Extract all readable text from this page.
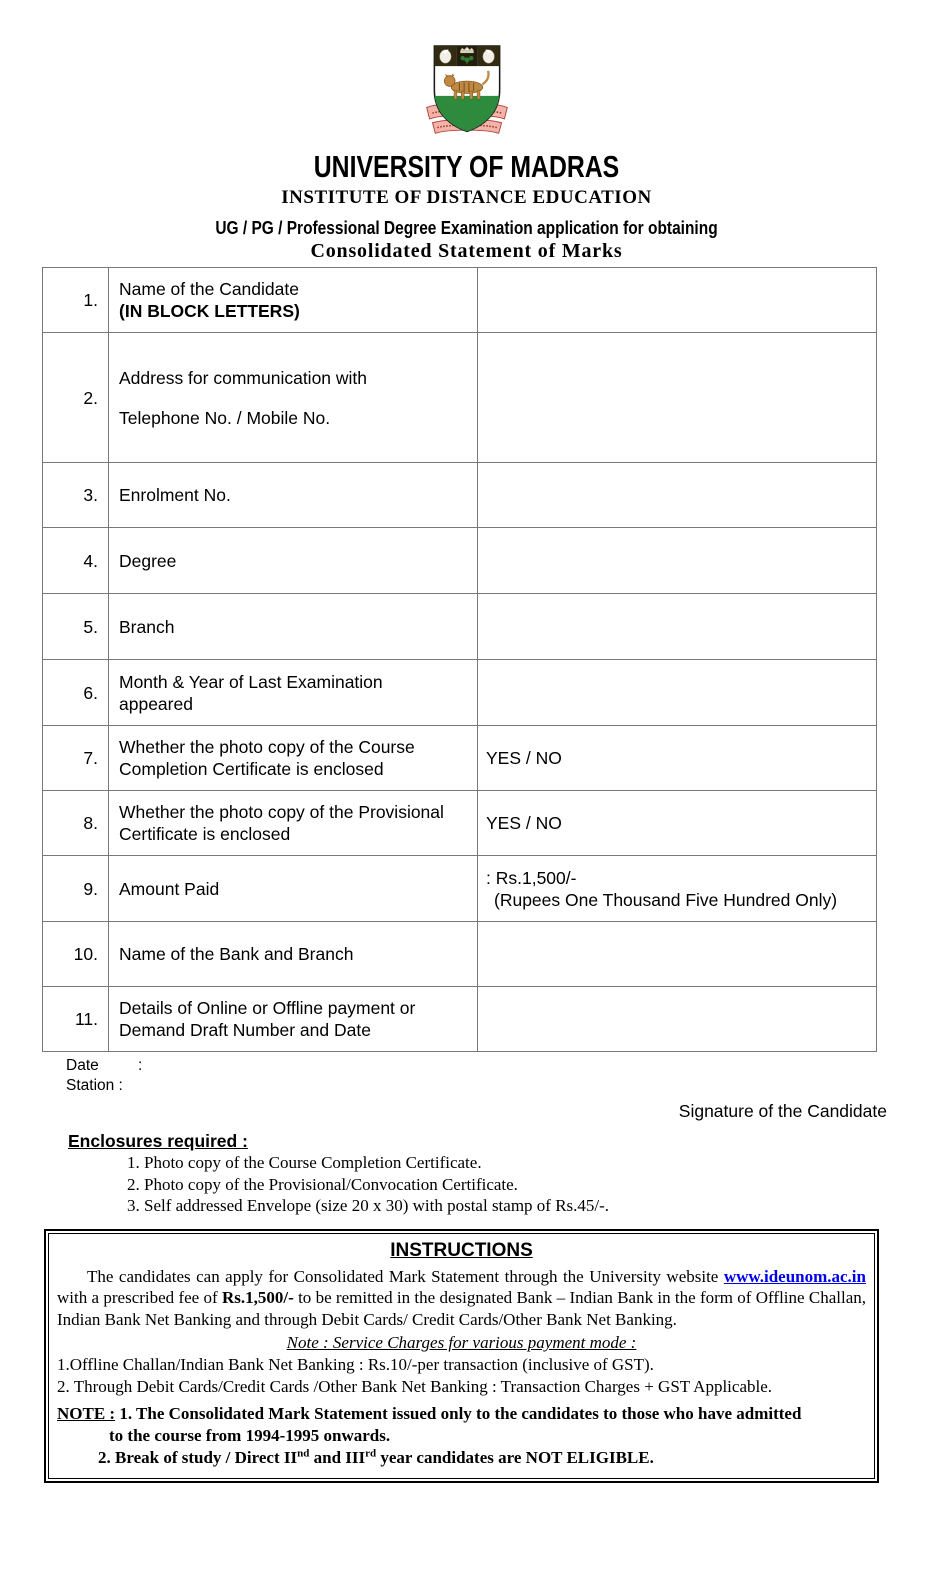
UNIVERSITY OF MADRAS
INSTITUTE OF DISTANCE EDUCATION
UG / PG / Professional Degree Examination application for obtaining
Consolidated Statement of Marks
1.	Name of the Candidate
(IN BLOCK LETTERS)	

2.	Address for communication with
Telephone No. / Mobile No.	

3.	Enrolment No.	
4.	Degree	
5.	Branch	
6.	Month & Year of Last Examination appeared	
7.	Whether the photo copy of the Course Completion Certificate is enclosed	YES / NO
8.	Whether the photo copy of the Provisional Certificate is enclosed	YES / NO
9.	Amount Paid	: Rs.1,500/-
(Rupees One Thousand Five Hundred Only)

10.	Name of the Bank and Branch	
11.	Details of Online or Offline payment or Demand Draft Number and Date	
Date	:
Station :
Signature of the Candidate
Enclosures required :
1. Photo copy of the Course Completion Certificate.
2. Photo copy of the Provisional/Convocation Certificate.
3. Self addressed Envelope (size 20 x 30) with postal stamp of Rs.45/-.
INSTRUCTIONS
The candidates can apply for Consolidated Mark Statement through the University website www.ideunom.ac.in with a prescribed fee of Rs.1,500/- to be remitted in the designated Bank – Indian Bank in the form of Offline Challan, Indian Bank Net Banking and through Debit Cards/ Credit Cards/Other Bank Net Banking.
Note : Service Charges for various payment mode :
1.Offline Challan/Indian Bank Net Banking : Rs.10/-per transaction (inclusive of GST).
2. Through Debit Cards/Credit Cards /Other Bank Net Banking : Transaction Charges + GST Applicable.
NOTE : 1. The Consolidated Mark Statement issued only to the candidates to those who have admitted
to the course from 1994-1995 onwards.
2. Break of study / Direct IInd and IIIrd year candidates are NOT ELIGIBLE.
